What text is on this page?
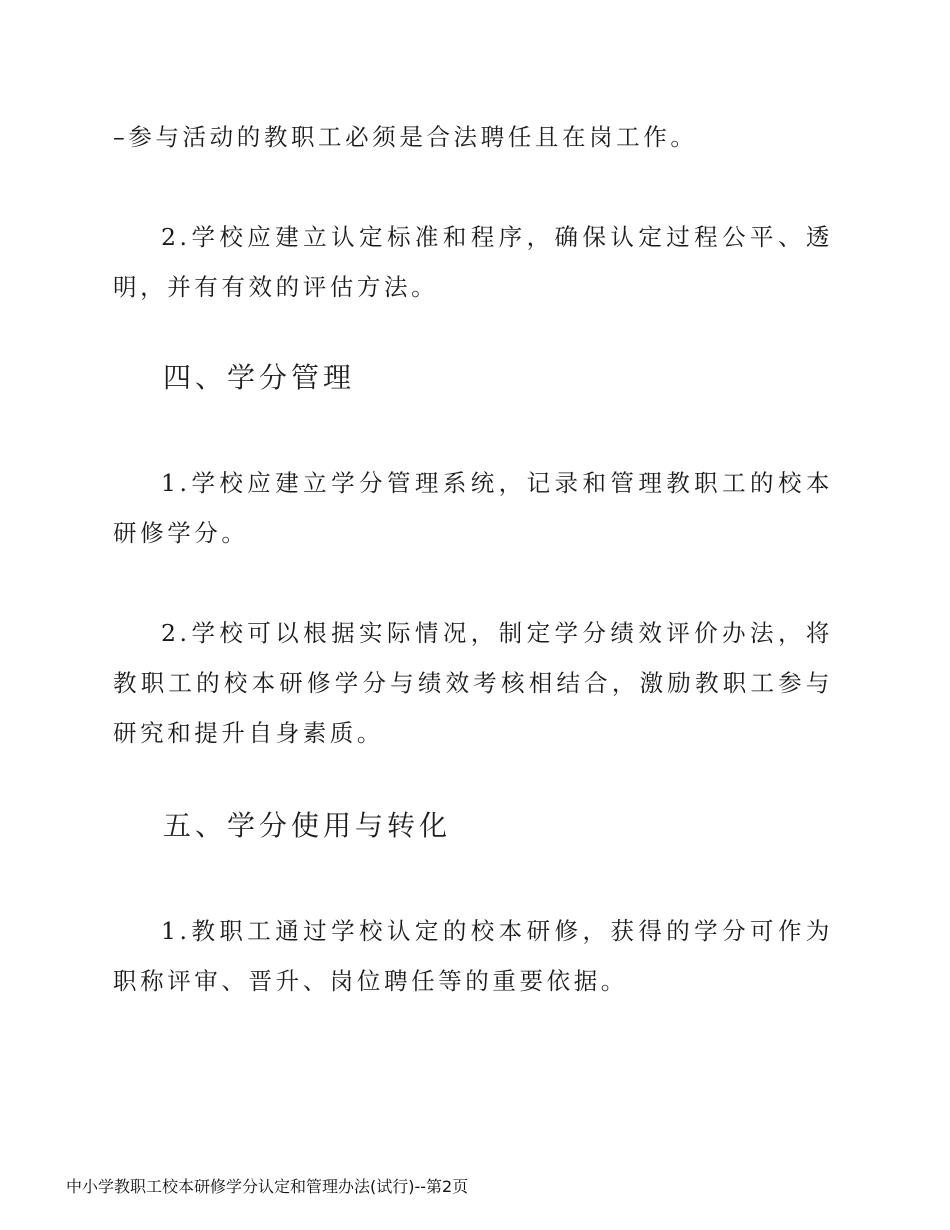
–参与活动的教职工必须是合法聘任且在岗工作。

2.学校应建立认定标准和程序，确保认定过程公平、透明，并有有效的评估方法。

四、学分管理

1.学校应建立学分管理系统，记录和管理教职工的校本研修学分。

2.学校可以根据实际情况，制定学分绩效评价办法，将教职工的校本研修学分与绩效考核相结合，激励教职工参与研究和提升自身素质。

五、学分使用与转化

1.教职工通过学校认定的校本研修，获得的学分可作为职称评审、晋升、岗位聘任等的重要依据。

中小学教职工校本研修学分认定和管理办法(试行)--第2页
